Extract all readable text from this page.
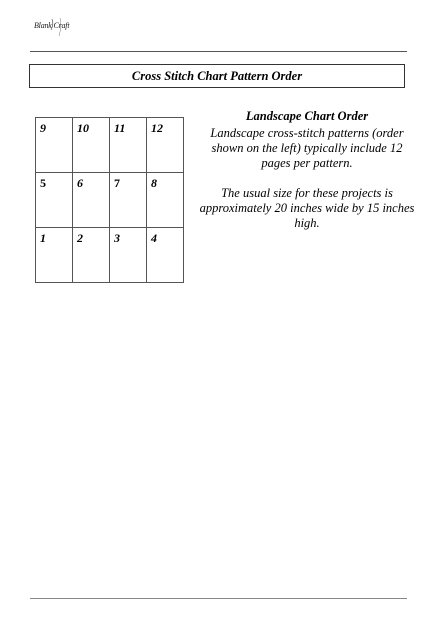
Blank Craft
Cross Stitch Chart Pattern Order
9	10	11	12
5	6	7	8
1	2	3	4
Landscape Chart Order

Landscape cross-stitch patterns (order shown on the left) typically include 12 pages per pattern.

The usual size for these projects is approximately 20 inches wide by 15 inches high.
